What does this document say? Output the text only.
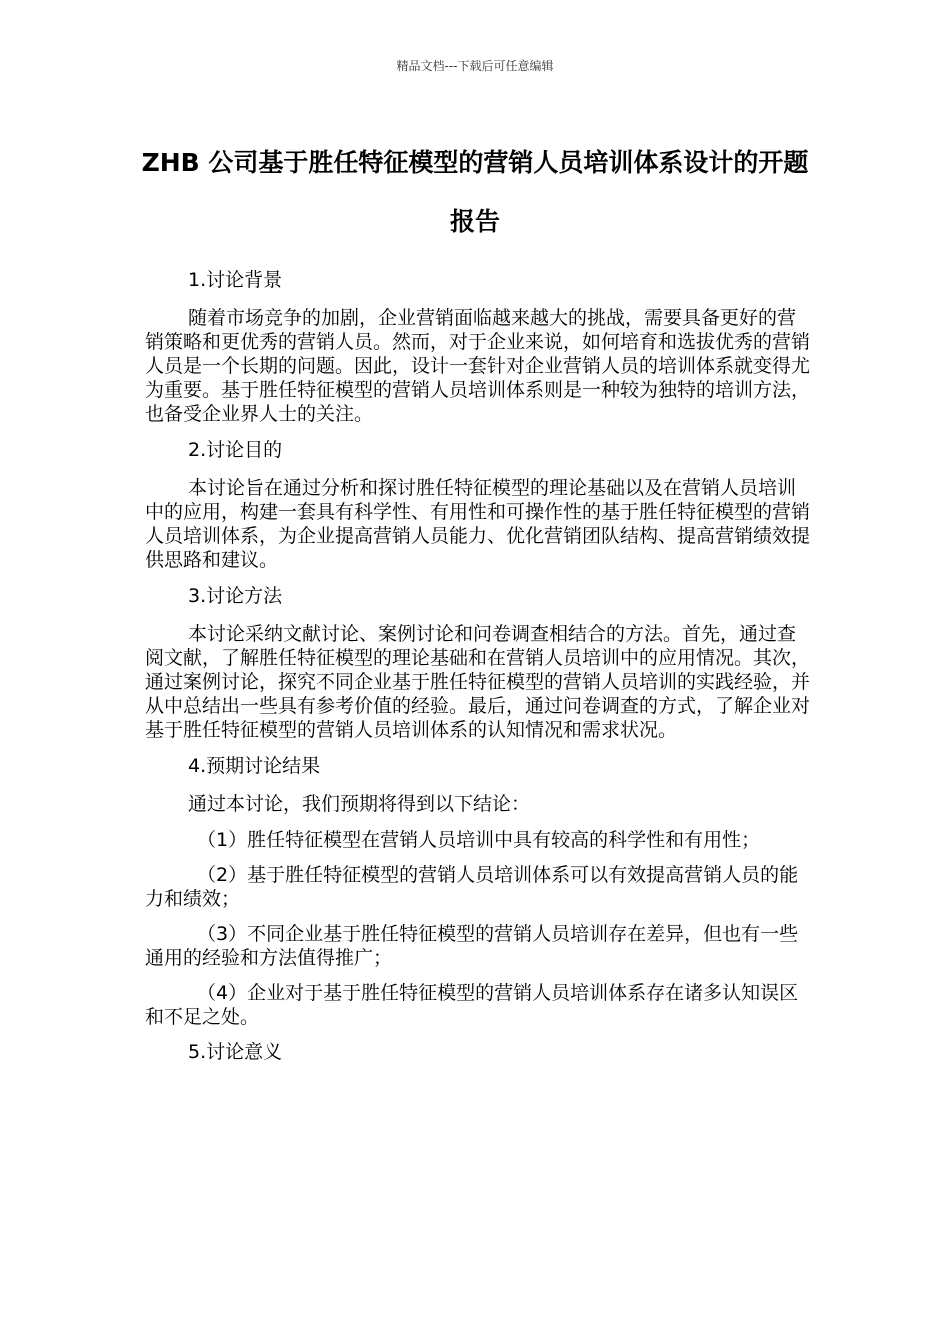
精品文档---下载后可任意编辑
ZHB 公司基于胜任特征模型的营销人员培训体系设计的开题报告

1.讨论背景

随着市场竞争的加剧，企业营销面临越来越大的挑战，需要具备更好的营销策略和更优秀的营销人员。然而，对于企业来说，如何培育和选拔优秀的营销人员是一个长期的问题。因此，设计一套针对企业营销人员的培训体系就变得尤为重要。基于胜任特征模型的营销人员培训体系则是一种较为独特的培训方法，也备受企业界人士的关注。

2.讨论目的

本讨论旨在通过分析和探讨胜任特征模型的理论基础以及在营销人员培训中的应用，构建一套具有科学性、有用性和可操作性的基于胜任特征模型的营销人员培训体系，为企业提高营销人员能力、优化营销团队结构、提高营销绩效提供思路和建议。

3.讨论方法

本讨论采纳文献讨论、案例讨论和问卷调查相结合的方法。首先，通过查阅文献，了解胜任特征模型的理论基础和在营销人员培训中的应用情况。其次，通过案例讨论，探究不同企业基于胜任特征模型的营销人员培训的实践经验，并从中总结出一些具有参考价值的经验。最后，通过问卷调查的方式，了解企业对基于胜任特征模型的营销人员培训体系的认知情况和需求状况。

4.预期讨论结果

通过本讨论，我们预期将得到以下结论：

（1）胜任特征模型在营销人员培训中具有较高的科学性和有用性；

（2）基于胜任特征模型的营销人员培训体系可以有效提高营销人员的能力和绩效；

（3）不同企业基于胜任特征模型的营销人员培训存在差异，但也有一些通用的经验和方法值得推广；

（4）企业对于基于胜任特征模型的营销人员培训体系存在诸多认知误区和不足之处。

5.讨论意义
